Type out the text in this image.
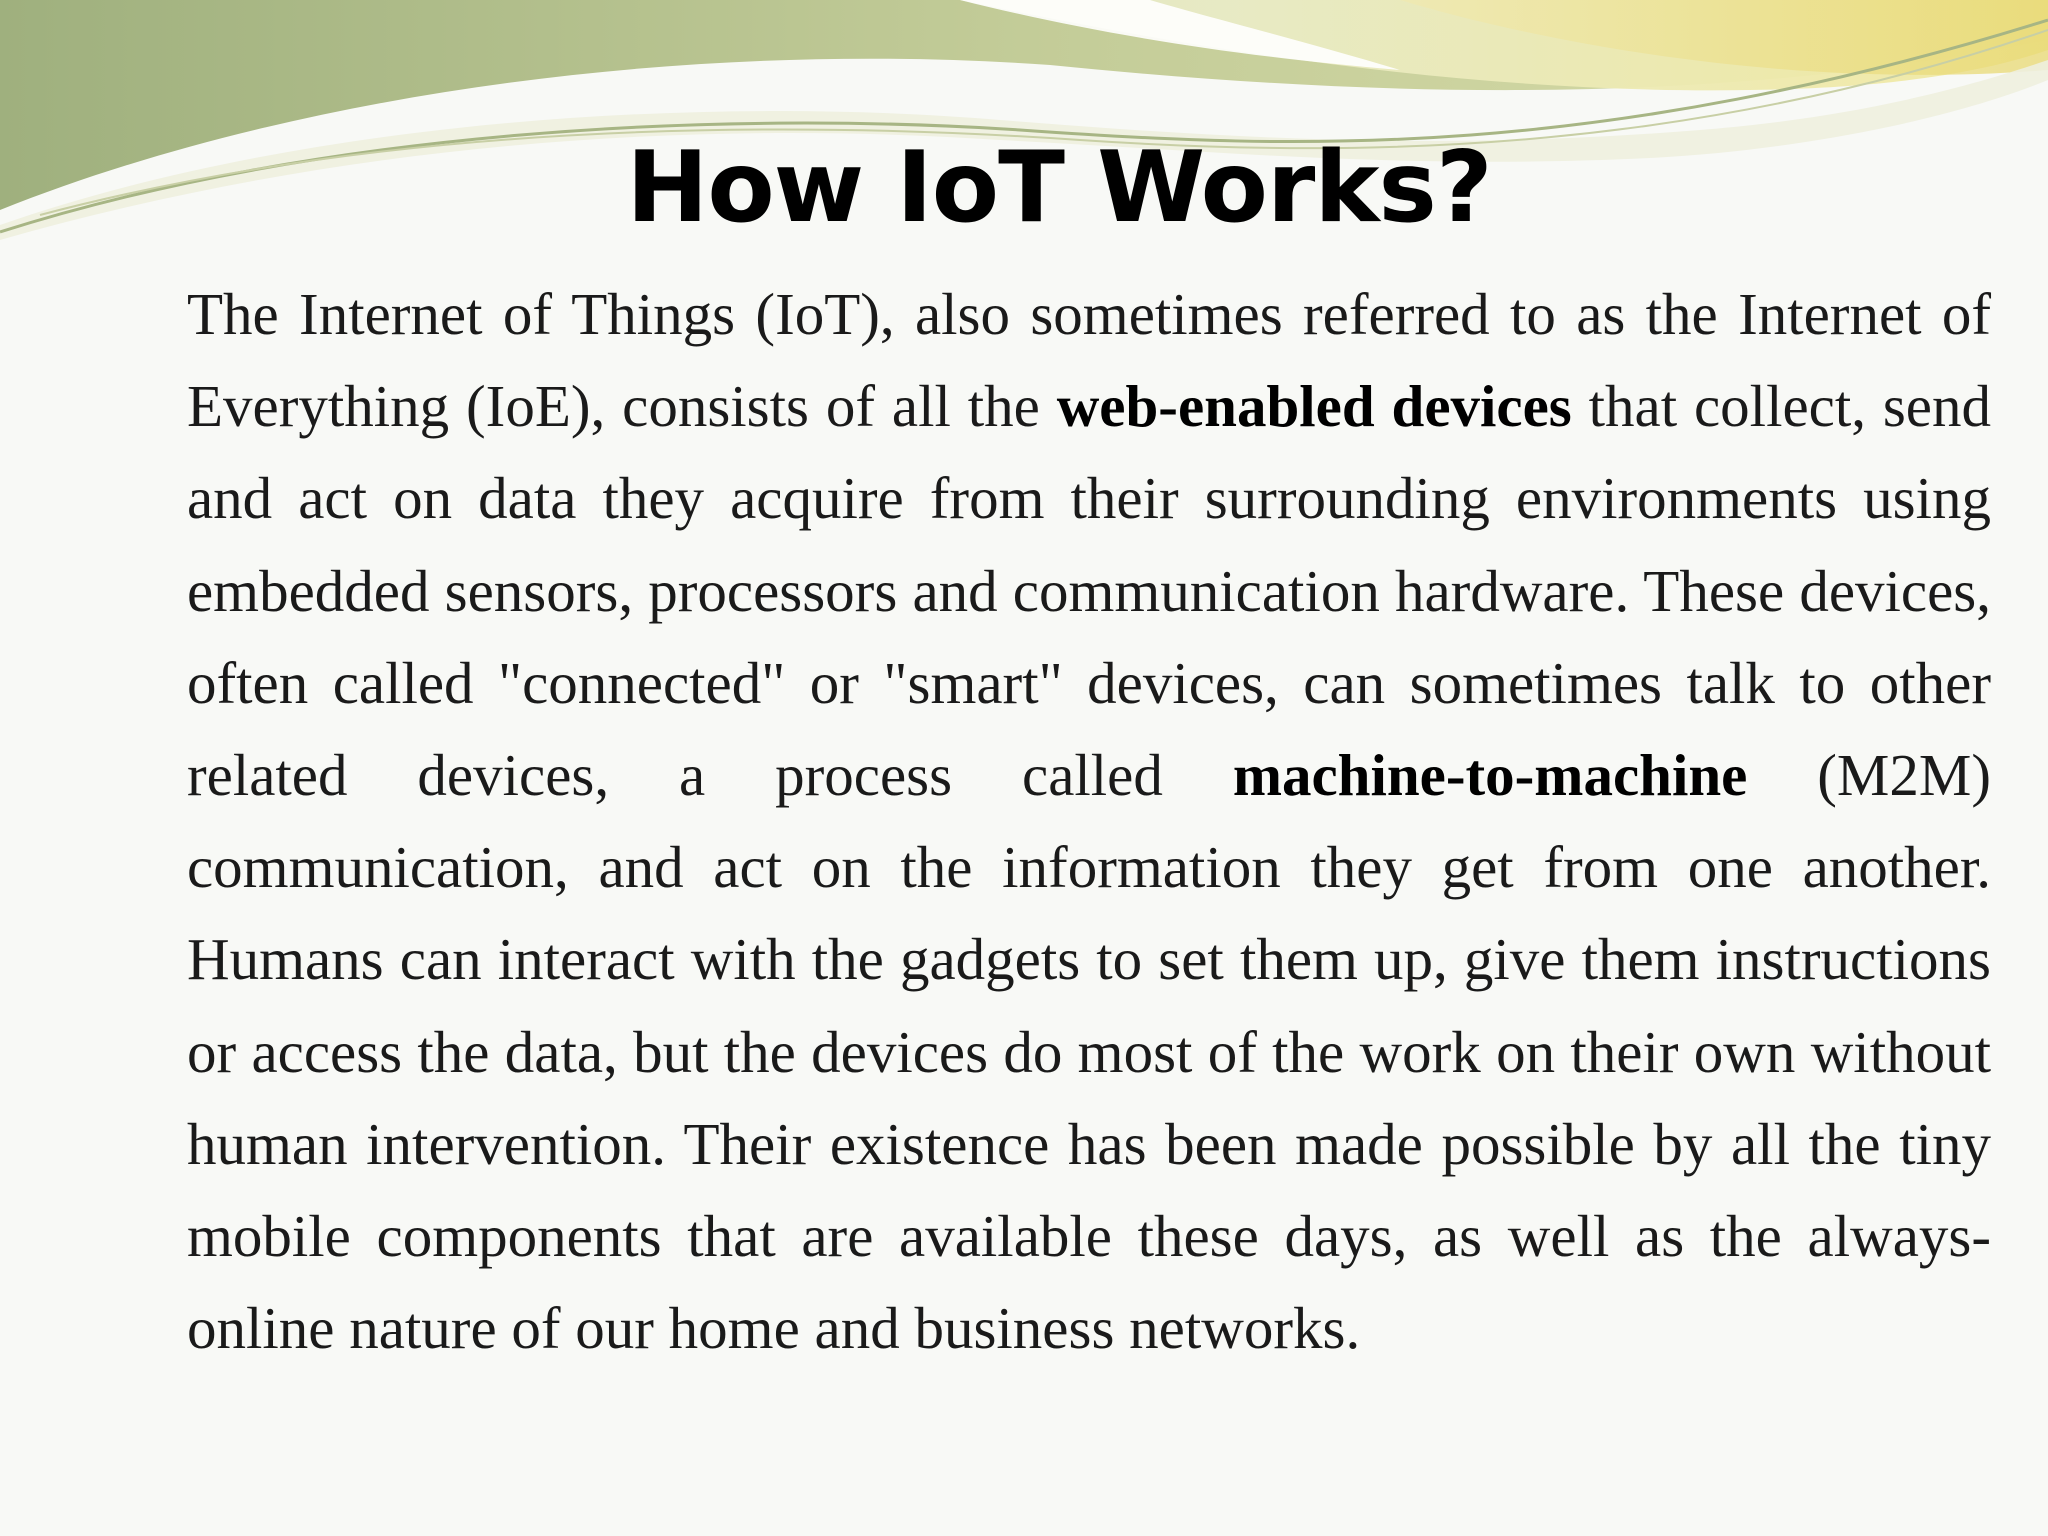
How IoT Works?

The Internet of Things (IoT), also sometimes referred to as the Internet of Everything (IoE), consists of all the web-enabled devices that collect, send and act on data they acquire from their surrounding environments using embedded sensors, processors and communication hardware. These devices, often called "connected" or "smart" devices, can sometimes talk to other related devices, a process called machine-to-machine (M2M) communication, and act on the information they get from one another. Humans can interact with the gadgets to set them up, give them instructions or access the data, but the devices do most of the work on their own without human intervention. Their existence has been made possible by all the tiny mobile components that are available these days, as well as the always-online nature of our home and business networks.
